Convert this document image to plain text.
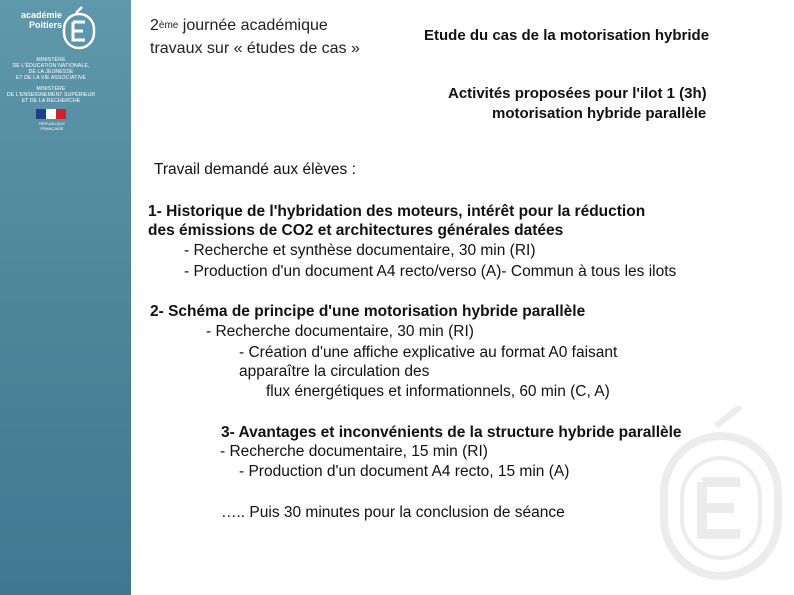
académie
Poitiers
MINISTÈRE
DE L'ÉDUCATION NATIONALE,
DE LA JEUNESSE
ET DE LA VIE ASSOCIATIVE
MINISTÈRE
DE L'ENSEIGNEMENT SUPÉRIEUR
ET DE LA RECHERCHE
RÉPUBLIQUE FRANÇAISE
2ème journée académique
travaux sur « études de cas »
Etude du cas de la motorisation hybride
Activités proposées pour l'ilot 1 (3h)
motorisation hybride parallèle
Travail demandé aux élèves :
1- Historique de l'hybridation des moteurs, intérêt pour la réduction
des émissions de CO2 et architectures générales datées
- Recherche et synthèse documentaire, 30 min (RI)
- Production d'un document A4 recto/verso (A)- Commun à tous les ilots
2- Schéma de principe d'une motorisation hybride parallèle
- Recherche documentaire, 30 min (RI)
- Création d'une affiche explicative au format A0 faisant
apparaître la circulation des
flux énergétiques et informationnels, 60 min (C, A)
3- Avantages et inconvénients de la structure hybride parallèle
- Recherche documentaire, 15 min (RI)
- Production d'un document A4 recto, 15 min (A)
….. Puis 30 minutes pour la conclusion de séance
